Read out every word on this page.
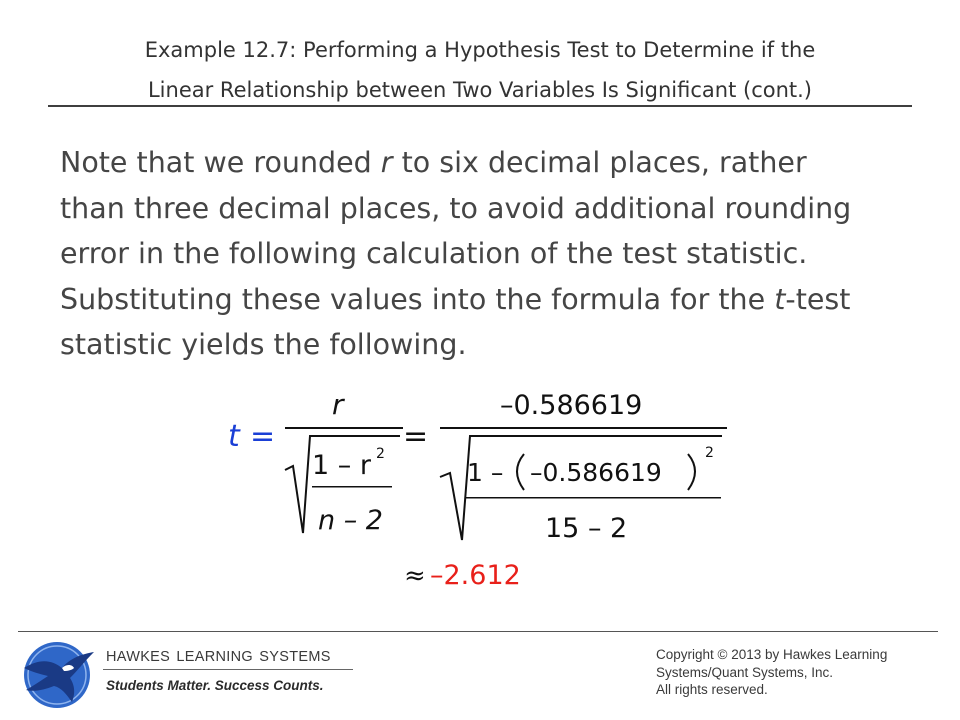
Example 12.7: Performing a Hypothesis Test to Determine if the
Linear Relationship between Two Variables Is Significant (cont.)

Note that we rounded r to six decimal places, rather

than three decimal places, to avoid additional rounding

error in the following calculation of the test statistic.

Substituting these values into the formula for the t-test

statistic yields the following.

t =
r
1 – r 2
n – 2
=
–0.586619
1 – –0.586619
2
15 – 2
≈ –2.612
HAWKES LEARNING SYSTEMS
Students Matter. Success Counts.
Copyright © 2013 by Hawkes Learning
Systems/Quant Systems, Inc.
All rights reserved.
